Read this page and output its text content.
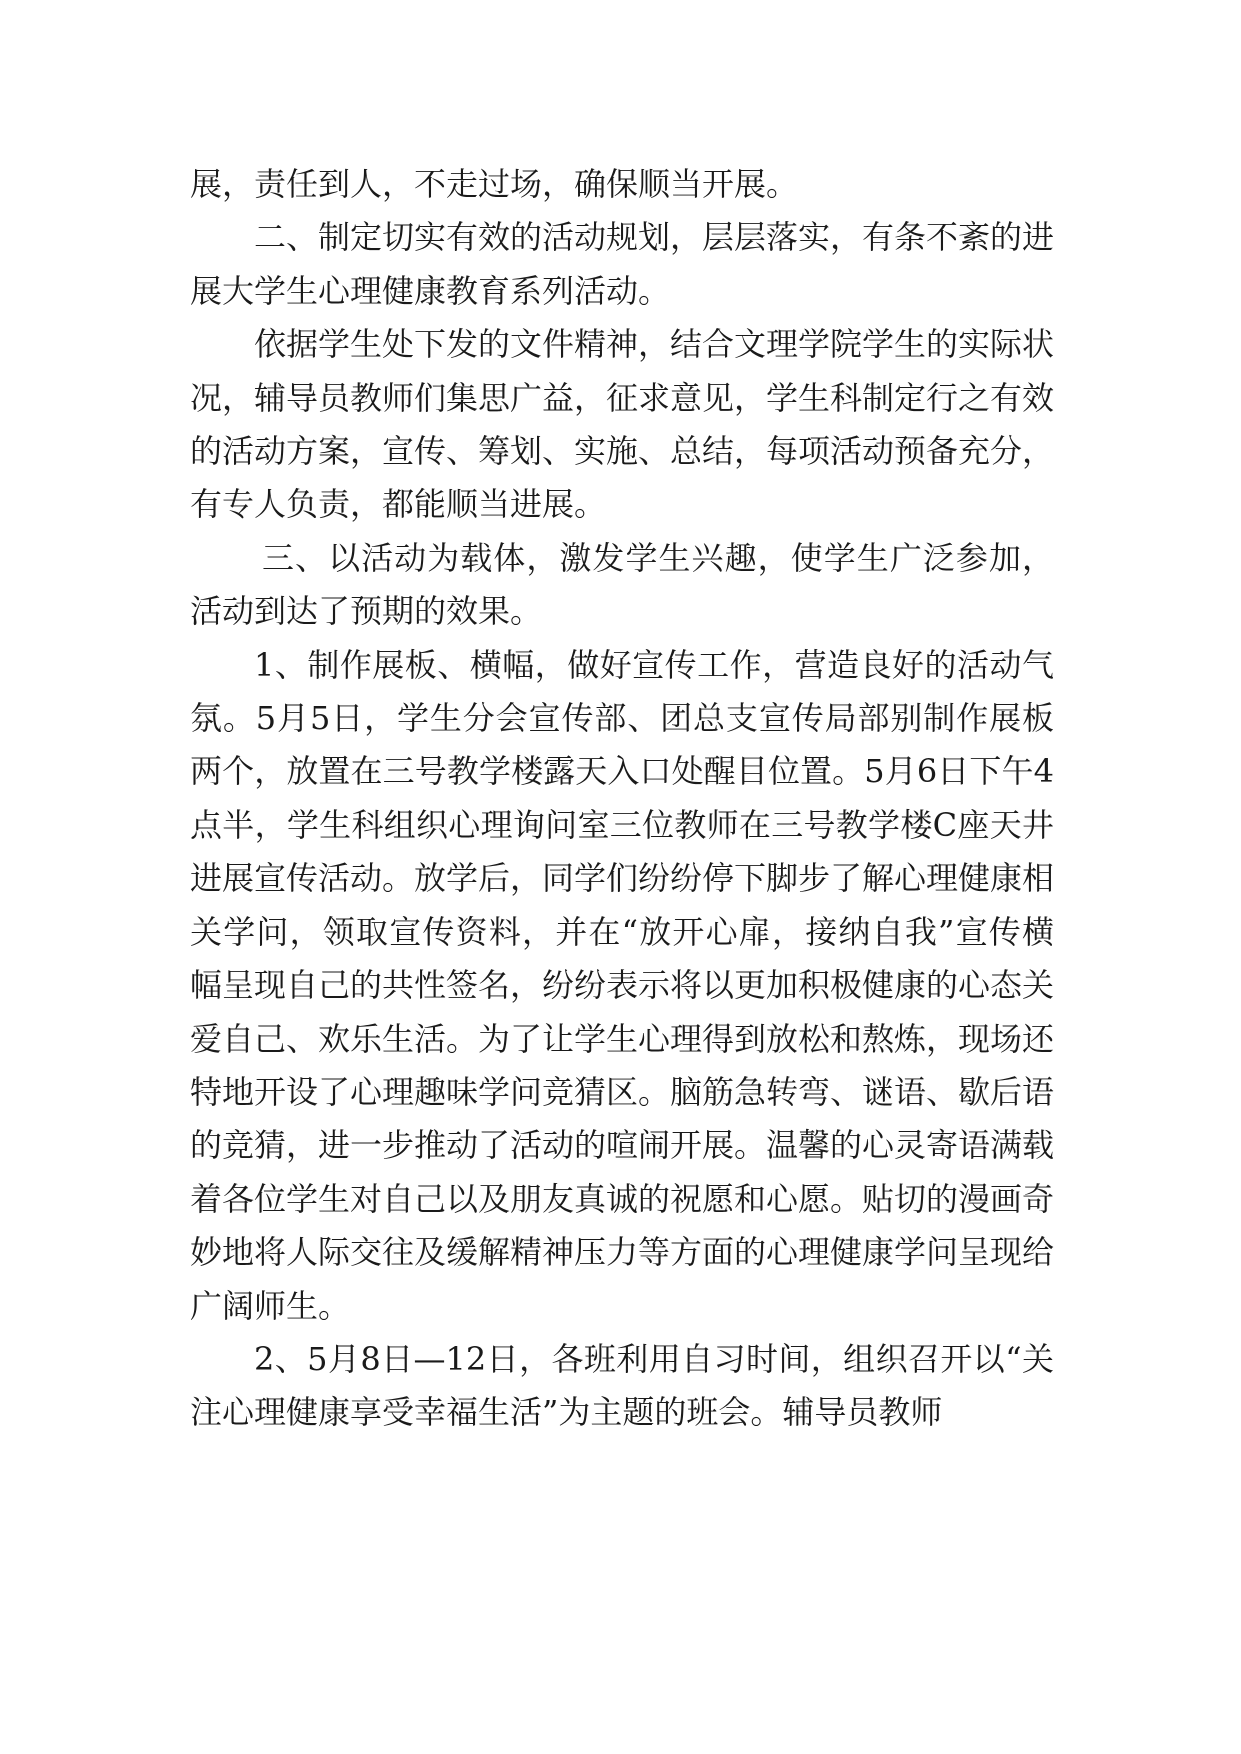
展，责任到人，不走过场，确保顺当开展。

二、制定切实有效的活动规划，层层落实，有条不紊的进展大学生心理健康教育系列活动。

依据学生处下发的文件精神，结合文理学院学生的实际状况，辅导员教师们集思广益，征求意见，学生科制定行之有效的活动方案，宣传、筹划、实施、总结，每项活动预备充分，有专人负责，都能顺当进展。

三、以活动为载体，激发学生兴趣，使学生广泛参加，活动到达了预期的效果。

1、制作展板、横幅，做好宣传工作，营造良好的活动气氛。5月5日，学生分会宣传部、团总支宣传局部别制作展板两个，放置在三号教学楼露天入口处醒目位置。5月6日下午4点半，学生科组织心理询问室三位教师在三号教学楼C座天井进展宣传活动。放学后，同学们纷纷停下脚步了解心理健康相关学问，领取宣传资料，并在“放开心扉，接纳自我”宣传横幅呈现自己的共性签名，纷纷表示将以更加积极健康的心态关爱自己、欢乐生活。为了让学生心理得到放松和熬炼，现场还特地开设了心理趣味学问竞猜区。脑筋急转弯、谜语、歇后语的竞猜，进一步推动了活动的喧闹开展。温馨的心灵寄语满载着各位学生对自己以及朋友真诚的祝愿和心愿。贴切的漫画奇妙地将人际交往及缓解精神压力等方面的心理健康学问呈现给广阔师生。

2、5月8日—12日，各班利用自习时间，组织召开以“关注心理健康享受幸福生活”为主题的班会。辅导员教师
